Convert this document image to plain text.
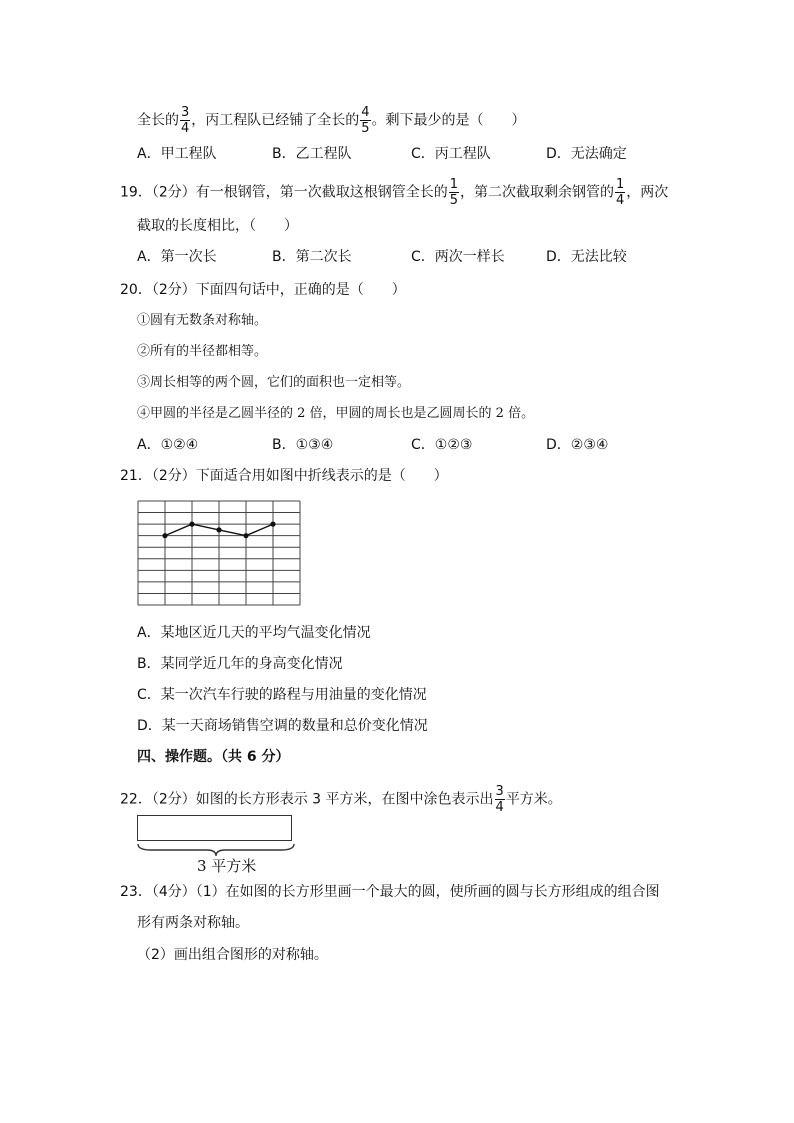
全长的 $\frac{3}{4}$ ，丙工程队已经铺了全长的 $\frac{4}{5}$ 。剩下最少的是（　　）
A．甲工程队	B．乙工程队	C．丙工程队	D．无法确定
19．（2分）有一根钢管，第一次截取这根钢管全长的 $\frac{1}{5}$ ，第二次截取剩余钢管的 $\frac{1}{4}$ ，两次
截取的长度相比，（　　）
A．第一次长	B．第二次长	C．两次一样长	D．无法比较
20．（2分）下面四句话中，正确的是（　　）
①圆有无数条对称轴。
②所有的半径都相等。
③周长相等的两个圆，它们的面积也一定相等。
④甲圆的半径是乙圆半径的 2 倍，甲圆的周长也是乙圆周长的 2 倍。
A．①②④	B．①③④	C．①②③	D．②③④
21．（2分）下面适合用如图中折线表示的是（　　）
A．某地区近几天的平均气温变化情况
B．某同学近几年的身高变化情况
C．某一次汽车行驶的路程与用油量的变化情况
D．某一天商场销售空调的数量和总价变化情况
四、操作题。（共 6 分）
22．（2分）如图的长方形表示 3 平方米，在图中涂色表示出 $\frac{3}{4}$ 平方米。
3 平方米
23．（4分）（1）在如图的长方形里画一个最大的圆，使所画的圆与长方形组成的组合图
形有两条对称轴。
（2）画出组合图形的对称轴。
